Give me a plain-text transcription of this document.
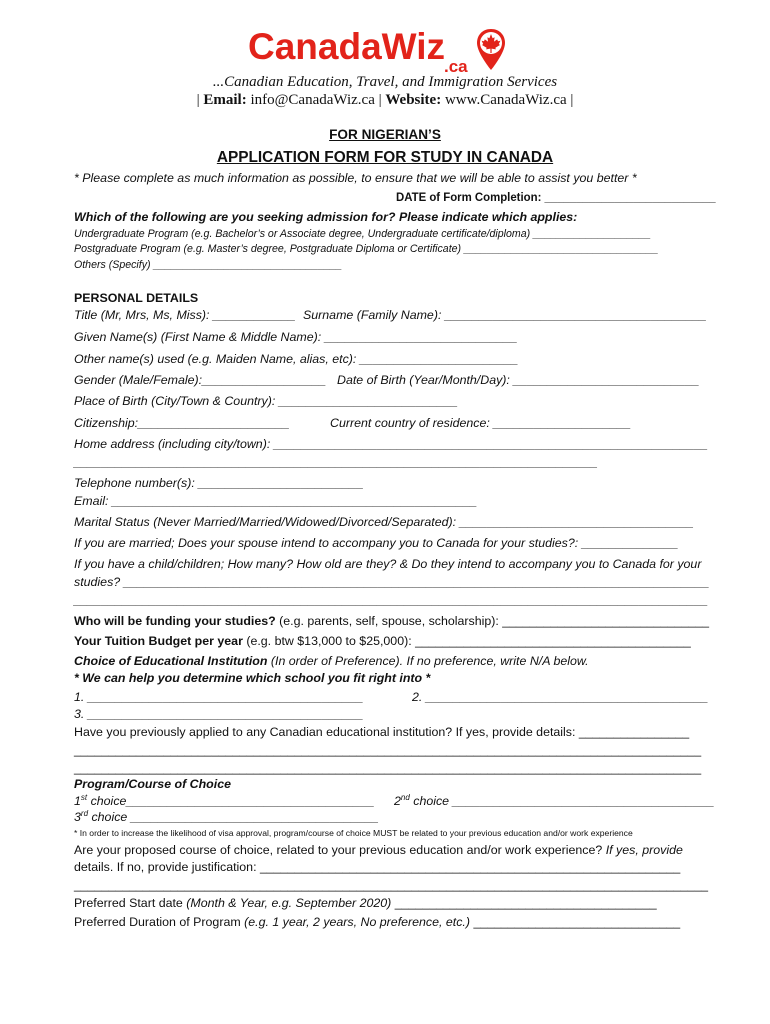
CanadaWiz
.ca
...Canadian Education, Travel, and Immigration Services
| Email: info@CanadaWiz.ca | Website: www.CanadaWiz.ca |
FOR NIGERIAN’S
APPLICATION FORM FOR STUDY IN CANADA
* Please complete as much information as possible, to ensure that we will be able to assist you better *
DATE of Form Completion: ___________________________
Which of the following are you seeking admission for? Please indicate which applies:
Undergraduate Program (e.g. Bachelor’s or Associate degree, Undergraduate certificate/diploma) ____________________
Postgraduate Program (e.g. Master’s degree, Postgraduate Diploma or Certificate) _________________________________
Others (Specify) ________________________________
PERSONAL DETAILS
Title (Mr, Mrs, Ms, Miss): ____________ Surname (Family Name): ______________________________________
Given Name(s) (First Name & Middle Name): ____________________________
Other name(s) used (e.g. Maiden Name, alias, etc): _______________________
Gender (Male/Female):__________________ Date of Birth (Year/Month/Day): ___________________________
Place of Birth (City/Town & Country): __________________________
Citizenship:______________________	Current country of residence: ____________________
Home address (including city/town): _______________________________________________________________
____________________________________________________________________________
Telephone number(s): ________________________
Email: _____________________________________________________
Marital Status (Never Married/Married/Widowed/Divorced/Separated): __________________________________
If you are married; Does your spouse intend to accompany you to Canada for your studies?: ______________
If you have a child/children; How many? How old are they? & Do they intend to accompany you to Canada for your
studies? _____________________________________________________________________________________
____________________________________________________________________________________________
Who will be funding your studies? (e.g. parents, self, spouse, scholarship): ______________________________
Your Tuition Budget per year (e.g. btw $13,000 to $25,000): ________________________________________
Choice of Educational Institution (In order of Preference). If no preference, write N/A below.
* We can help you determine which school you fit right into *
1. ________________________________________	2. _________________________________________
3. ________________________________________
Have you previously applied to any Canadian educational institution? If yes, provide details: ________________
___________________________________________________________________________________________
___________________________________________________________________________________________
Program/Course of Choice
1st choice____________________________________ 2nd choice ______________________________________
3rd choice ____________________________________
* In order to increase the likelihood of visa approval, program/course of choice MUST be related to your previous education and/or work experience
Are your proposed course of choice, related to your previous education and/or work experience? If yes, provide
details. If no, provide justification: _____________________________________________________________
____________________________________________________________________________________________
Preferred Start date (Month & Year, e.g. September 2020) ______________________________________
Preferred Duration of Program (e.g. 1 year, 2 years, No preference, etc.) ______________________________
